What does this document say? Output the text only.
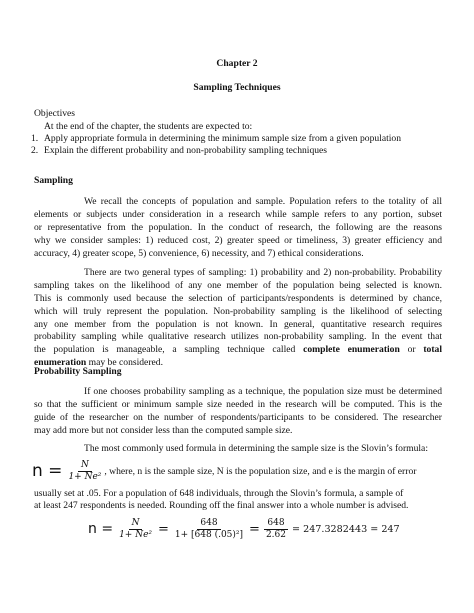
Chapter 2
Sampling Techniques
Objectives
At the end of the chapter, the students are expected to:
1. Apply appropriate formula in determining the minimum sample size from a given population
2. Explain the different probability and non-probability sampling techniques
Sampling
We recall the concepts of population and sample. Population refers to the totality of all
elements or subjects under consideration in a research while sample refers to any portion, subset
or representative from the population. In the conduct of research, the following are the reasons
why we consider samples: 1) reduced cost, 2) greater speed or timeliness, 3) greater efficiency and
accuracy, 4) greater scope, 5) convenience, 6) necessity, and 7) ethical considerations.
There are two general types of sampling: 1) probability and 2) non-probability. Probability
sampling takes on the likelihood of any one member of the population being selected is known.
This is commonly used because the selection of participants/respondents is determined by chance,
which will truly represent the population. Non-probability sampling is the likelihood of selecting
any one member from the population is not known. In general, quantitative research requires
probability sampling while qualitative research utilizes non-probability sampling. In the event that
the population is manageable, a sampling technique called complete enumeration or total
enumeration may be considered.
Probability Sampling
If one chooses probability sampling as a technique, the population size must be determined
so that the sufficient or minimum sample size needed in the research will be computed. This is the
guide of the researcher on the number of respondents/participants to be considered. The researcher
may add more but not consider less than the computed sample size.
The most commonly used formula in determining the sample size is the Slovin’s formula:
$n = \frac{N}{\text{1+ Ne²}}$ , where, n is the sample size, N is the population size, and e is the margin of error
usually set at .05. For a population of 648 individuals, through the Slovin’s formula, a sample of
at least 247 respondents is needed. Rounding off the final answer into a whole number is advised.
$n = \frac{N}{\text{1+ Ne²}} = \frac{648}{\text{1+ [648 (.05)²]}} = \frac{648}{2.62} = 247.3282443 = 247$
